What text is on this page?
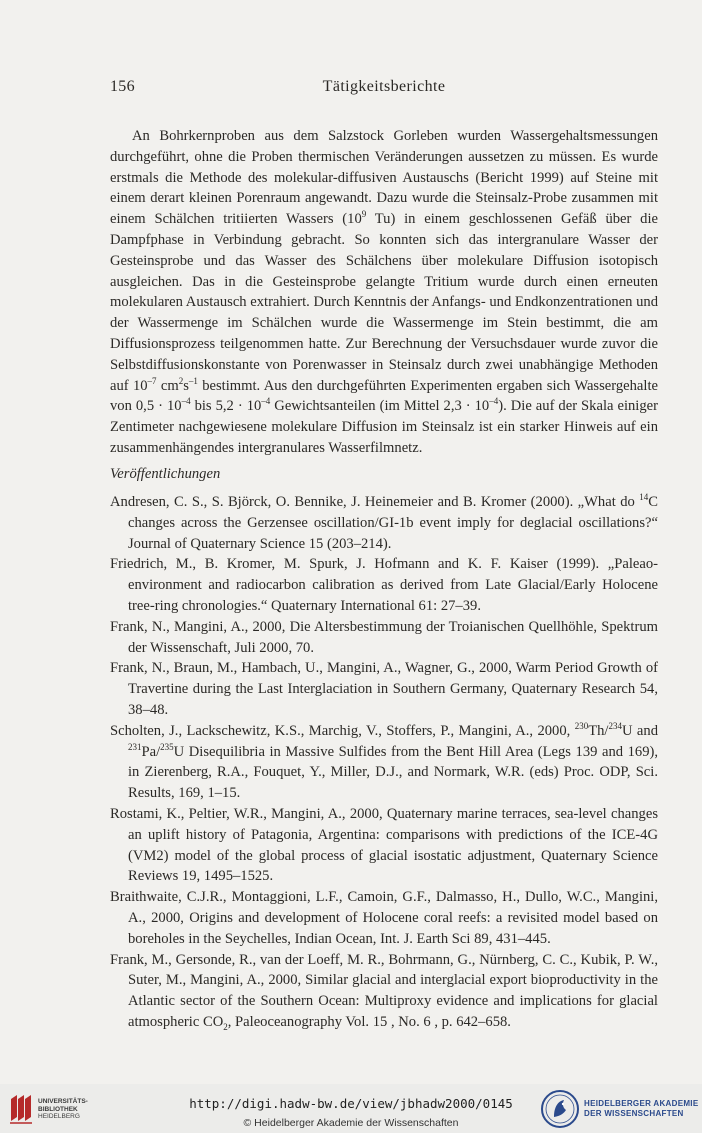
156	Tätigkeitsberichte

An Bohrkernproben aus dem Salzstock Gorleben wurden Wassergehaltsmessungen durchgeführt, ohne die Proben thermischen Veränderungen aussetzen zu müssen. Es wurde erstmals die Methode des molekular-diffusiven Austauschs (Bericht 1999) auf Steine mit einem derart kleinen Porenraum angewandt. Dazu wurde die Steinsalz-Probe zusammen mit einem Schälchen tritiierten Wassers ($10^9$ Tu) in einem geschlossenen Gefäß über die Dampfphase in Verbindung gebracht. So konnten sich das intergranulare Wasser der Gesteinsprobe und das Wasser des Schälchens über molekulare Diffusion isotopisch ausgleichen. Das in die Gesteinsprobe gelangte Tritium wurde durch einen erneuten molekularen Austausch extrahiert. Durch Kenntnis der Anfangs- und Endkonzentrationen und der Wassermenge im Schälchen wurde die Wassermenge im Stein bestimmt, die am Diffusionsprozess teilgenommen hatte. Zur Berechnung der Versuchsdauer wurde zuvor die Selbstdiffusionskonstante von Porenwasser in Steinsalz durch zwei unabhängige Methoden auf $10^{-7}$ $cm^2s^{-1}$ bestimmt. Aus den durchgeführten Experimenten ergaben sich Wassergehalte von $0,5 \cdot 10^{-4}$ bis $5,2 \cdot 10^{-4}$ Gewichtsanteilen (im Mittel $2,3 \cdot 10^{-4}$). Die auf der Skala einiger Zentimeter nachgewiesene molekulare Diffusion im Steinsalz ist ein starker Hinweis auf ein zusammenhängendes intergranulares Wasserfilmnetz.

Veröffentlichungen
Andresen, C. S., S. Björck, O. Bennike, J. Heinemeier and B. Kromer (2000). „What do $^{14}$C changes across the Gerzensee oscillation/GI-1b event imply for deglacial oscillations?“ Journal of Quaternary Science 15 (203–214).
Friedrich, M., B. Kromer, M. Spurk, J. Hofmann and K. F. Kaiser (1999). „Paleao-environment and radiocarbon calibration as derived from Late Glacial/Early Holocene tree-ring chronologies.“ Quaternary International 61: 27–39.
Frank, N., Mangini, A., 2000, Die Altersbestimmung der Troianischen Quellhöhle, Spektrum der Wissenschaft, Juli 2000, 70.
Frank, N., Braun, M., Hambach, U., Mangini, A., Wagner, G., 2000, Warm Period Growth of Travertine during the Last Interglaciation in Southern Germany, Quaternary Research 54, 38–48.
Scholten, J., Lackschewitz, K.S., Marchig, V., Stoffers, P., Mangini, A., 2000, $^{230}$Th/$^{234}$U and $^{231}$Pa/$^{235}$U Disequilibria in Massive Sulfides from the Bent Hill Area (Legs 139 and 169), in Zierenberg, R.A., Fouquet, Y., Miller, D.J., and Normark, W.R. (eds) Proc. ODP, Sci. Results, 169, 1–15.
Rostami, K., Peltier, W.R., Mangini, A., 2000, Quaternary marine terraces, sea-level changes an uplift history of Patagonia, Argentina: comparisons with predictions of the ICE-4G (VM2) model of the global process of glacial isostatic adjustment, Quaternary Science Reviews 19, 1495–1525.
Braithwaite, C.J.R., Montaggioni, L.F., Camoin, G.F., Dalmasso, H., Dullo, W.C., Mangini, A., 2000, Origins and development of Holocene coral reefs: a revisited model based on boreholes in the Seychelles, Indian Ocean, Int. J. Earth Sci 89, 431–445.
Frank, M., Gersonde, R., van der Loeff, M. R., Bohrmann, G., Nürnberg, C. C., Kubik, P. W., Suter, M., Mangini, A., 2000, Similar glacial and interglacial export bioproductivity in the Atlantic sector of the Southern Ocean: Multiproxy evidence and implications for glacial atmospheric $CO_2$, Paleoceanography Vol. 15 , No. 6 , p. 642–658.
UNIVERSITÄTS-
BIBLIOTHEK
HEIDELBERG
http://digi.hadw-bw.de/view/jbhadw2000/0145
© Heidelberger Akademie der Wissenschaften
HEIDELBERGER AKADEMIE
DER WISSENSCHAFTEN
